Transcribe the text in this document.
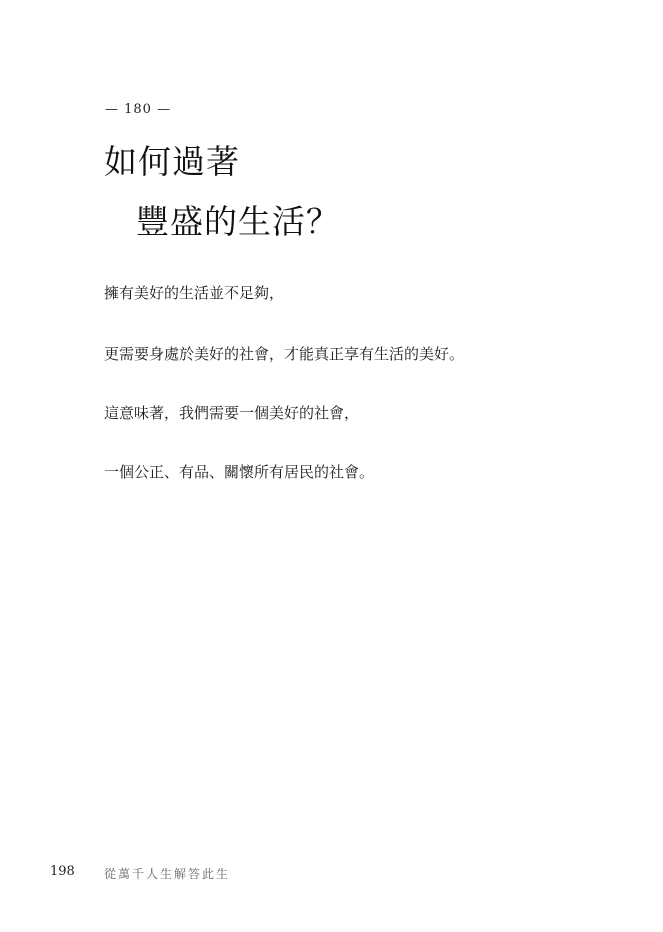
— 180 —
如何過著
豐盛的生活？
擁有美好的生活並不足夠，
更需要身處於美好的社會，才能真正享有生活的美好。
這意味著，我們需要一個美好的社會，
一個公正、有品、關懷所有居民的社會。
198 從萬千人生解答此生
